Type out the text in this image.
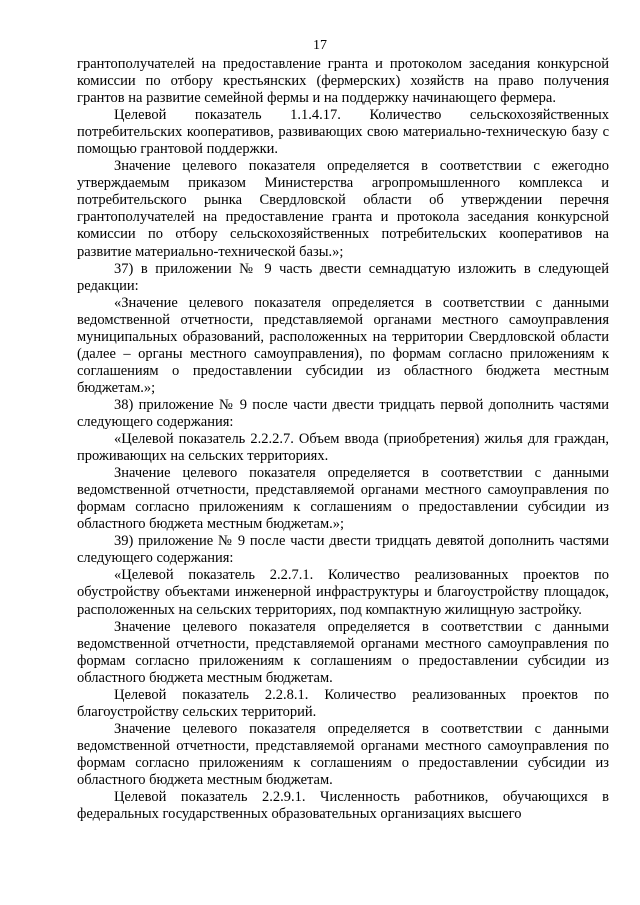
17

грантополучателей на предоставление гранта и протоколом заседания конкурсной комиссии по отбору крестьянских (фермерских) хозяйств на право получения грантов на развитие семейной фермы и на поддержку начинающего фермера.

Целевой показатель 1.1.4.17. Количество сельскохозяйственных потребительских кооперативов, развивающих свою материально-техническую базу с помощью грантовой поддержки.

Значение целевого показателя определяется в соответствии с ежегодно утверждаемым приказом Министерства агропромышленного комплекса и потребительского рынка Свердловской области об утверждении перечня грантополучателей на предоставление гранта и протокола заседания конкурсной комиссии по отбору сельскохозяйственных потребительских кооперативов на развитие материально-технической базы.»;

37) в приложении № 9 часть двести семнадцатую изложить в следующей редакции:

«Значение целевого показателя определяется в соответствии с данными ведомственной отчетности, представляемой органами местного самоуправления муниципальных образований, расположенных на территории Свердловской области (далее – органы местного самоуправления), по формам согласно приложениям к соглашениям о предоставлении субсидии из областного бюджета местным бюджетам.»;

38) приложение № 9 после части двести тридцать первой дополнить частями следующего содержания:

«Целевой показатель 2.2.2.7. Объем ввода (приобретения) жилья для граждан, проживающих на сельских территориях.

Значение целевого показателя определяется в соответствии с данными ведомственной отчетности, представляемой органами местного самоуправления по формам согласно приложениям к соглашениям о предоставлении субсидии из областного бюджета местным бюджетам.»;

39) приложение № 9 после части двести тридцать девятой дополнить частями следующего содержания:

«Целевой показатель 2.2.7.1. Количество реализованных проектов по обустройству объектами инженерной инфраструктуры и благоустройству площадок, расположенных на сельских территориях, под компактную жилищную застройку.

Значение целевого показателя определяется в соответствии с данными ведомственной отчетности, представляемой органами местного самоуправления по формам согласно приложениям к соглашениям о предоставлении субсидии из областного бюджета местным бюджетам.

Целевой показатель 2.2.8.1. Количество реализованных проектов по благоустройству сельских территорий.

Значение целевого показателя определяется в соответствии с данными ведомственной отчетности, представляемой органами местного самоуправления по формам согласно приложениям к соглашениям о предоставлении субсидии из областного бюджета местным бюджетам.

Целевой показатель 2.2.9.1. Численность работников, обучающихся в федеральных государственных образовательных организациях высшего
